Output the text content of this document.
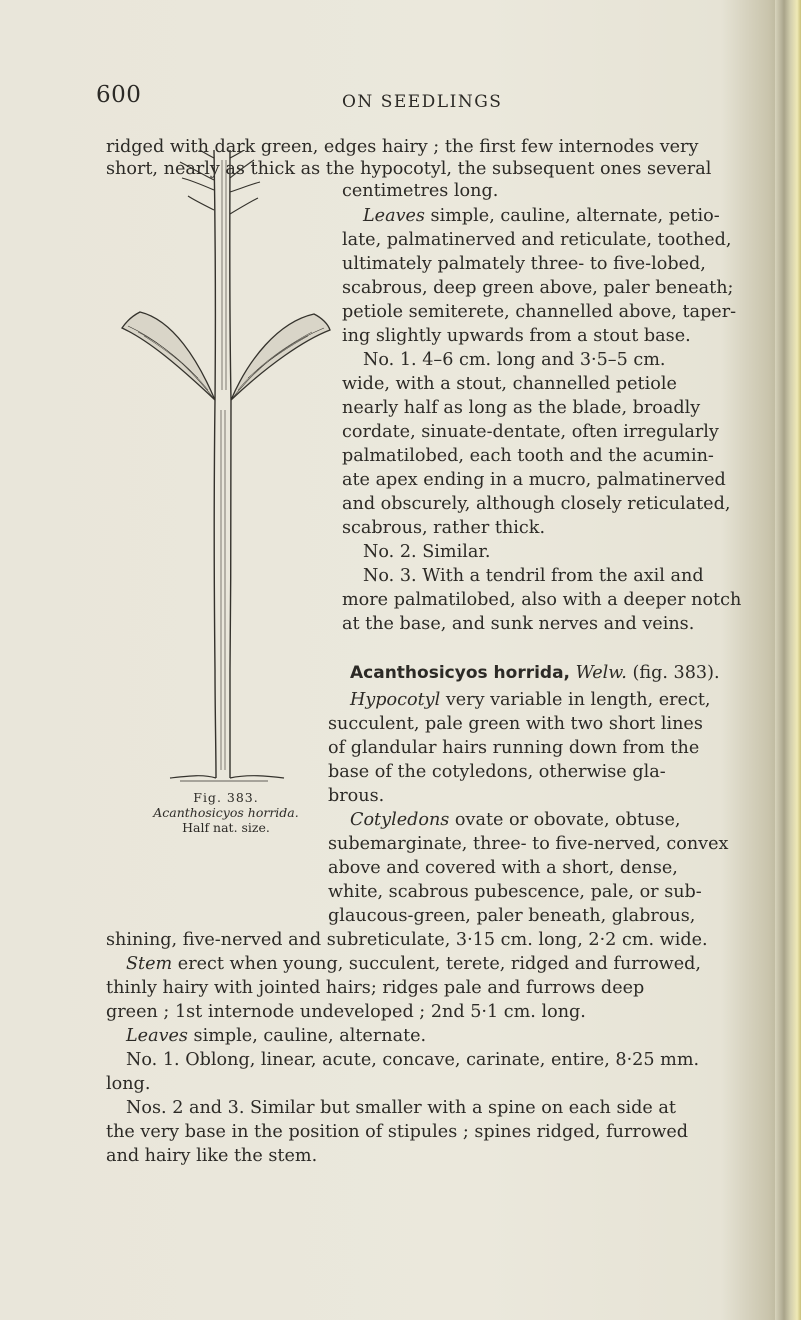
600	ON SEEDLINGS
ridged with dark green, edges hairy ; the first few internodes very
short, nearly as thick as the hypocotyl, the subsequent ones several
centimetres long.
Leaves simple, cauline, alternate, petio-
late, palmatinerved and reticulate, toothed,
ultimately palmately three- to five-lobed,
scabrous, deep green above, paler beneath;
petiole semiterete, channelled above, taper-
ing slightly upwards from a stout base.
No. 1. 4–6 cm. long and 3·5–5 cm.
wide, with a stout, channelled petiole
nearly half as long as the blade, broadly
cordate, sinuate-dentate, often irregularly
palmatilobed, each tooth and the acumin-
ate apex ending in a mucro, palmatinerved
and obscurely, although closely reticulated,
scabrous, rather thick.
No. 2. Similar.
No. 3. With a tendril from the axil and
more palmatilobed, also with a deeper notch
at the base, and sunk nerves and veins.
Acanthosicyos horrida, Welw. (fig. 383).
Hypocotyl very variable in length, erect,
succulent, pale green with two short lines
of glandular hairs running down from the
base of the cotyledons, otherwise gla-
brous.
Cotyledons ovate or obovate, obtuse,
subemarginate, three- to five-nerved, convex
above and covered with a short, dense,
white, scabrous pubescence, pale, or sub-
glaucous-green, paler beneath, glabrous,
shining, five-nerved and subreticulate, 3·15 cm. long, 2·2 cm. wide.
Stem erect when young, succulent, terete, ridged and furrowed,
thinly hairy with jointed hairs; ridges pale and furrows deep
green ; 1st internode undeveloped ; 2nd 5·1 cm. long.
Leaves simple, cauline, alternate.
No. 1. Oblong, linear, acute, concave, carinate, entire, 8·25 mm.
long.
Nos. 2 and 3. Similar but smaller with a spine on each side at
the very base in the position of stipules ; spines ridged, furrowed
and hairy like the stem.
Fig. 383.
Acanthosicyos horrida.
Half nat. size.
